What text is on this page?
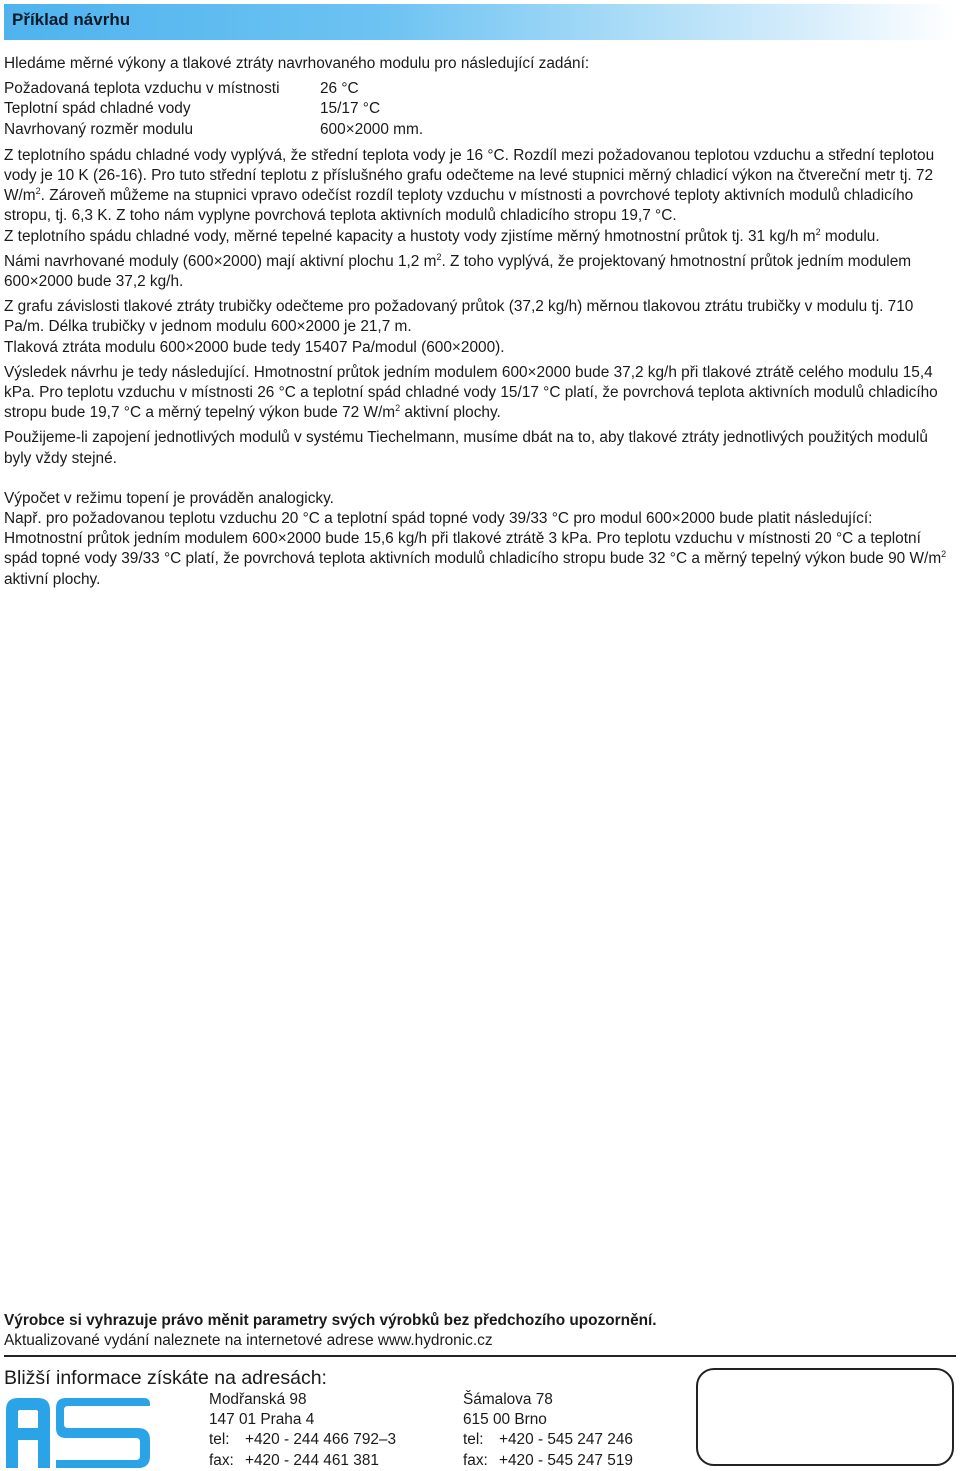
Příklad návrhu

Hledáme měrné výkony a tlakové ztráty navrhovaného modulu pro následující zadání:

Požadovaná teplota vzduchu v místnosti	26 °C
Teplotní spád chladné vody	15/17 °C
Navrhovaný rozměr modulu	600×2000 mm.

Z teplotního spádu chladné vody vyplývá, že střední teplota vody je 16 °C. Rozdíl mezi požadovanou teplotou vzduchu a střední teplotou vody je 10 K (26-16). Pro tuto střední teplotu z příslušného grafu odečteme na levé stupnici měrný chladicí výkon na čtvereční metr tj. 72 $W/m^2$. Zároveň můžeme na stupnici vpravo odečíst rozdíl teploty vzduchu v místnosti a povrchové teploty aktivních modulů chladicího stropu, tj. 6,3 K. Z toho nám vyplyne povrchová teplota aktivních modulů chladicího stropu 19,7 °C.

Z teplotního spádu chladné vody, měrné tepelné kapacity a hustoty vody zjistíme měrný hmotnostní průtok tj. 31 kg/h $m^2$ modulu.

Námi navrhované moduly (600×2000) mají aktivní plochu 1,2 $m^2$. Z toho vyplývá, že projektovaný hmotnostní průtok jedním modulem 600×2000 bude 37,2 kg/h.

Z grafu závislosti tlakové ztráty trubičky odečteme pro požadovaný průtok (37,2 kg/h) měrnou tlakovou ztrátu trubičky v modulu tj. 710 Pa/m. Délka trubičky v jednom modulu 600×2000 je 21,7 m.

Tlaková ztráta modulu 600×2000 bude tedy 15407 Pa/modul (600×2000).

Výsledek návrhu je tedy následující. Hmotnostní průtok jedním modulem 600×2000 bude 37,2 kg/h při tlakové ztrátě celého modulu 15,4 kPa. Pro teplotu vzduchu v místnosti 26 °C a teplotní spád chladné vody 15/17 °C platí, že povrchová teplota aktivních modulů chladicího stropu bude 19,7 °C a měrný tepelný výkon bude 72 $W/m^2$ aktivní plochy.

Použijeme-li zapojení jednotlivých modulů v systému Tiechelmann, musíme dbát na to, aby tlakové ztráty jednotlivých použitých modulů byly vždy stejné.

Výpočet v režimu topení je prováděn analogicky.

Např. pro požadovanou teplotu vzduchu 20 °C a teplotní spád topné vody 39/33 °C pro modul 600×2000 bude platit následující:

Hmotnostní průtok jedním modulem 600×2000 bude 15,6 kg/h při tlakové ztrátě 3 kPa. Pro teplotu vzduchu v místnosti 20 °C a teplotní spád topné vody 39/33 °C platí, že povrchová teplota aktivních modulů chladicího stropu bude 32 °C a měrný tepelný výkon bude 90 $W/m^2$ aktivní plochy.

Výrobce si vyhrazuje právo měnit parametry svých výrobků bez předchozího upozornění.
Aktualizované vydání naleznete na internetové adrese www.hydronic.cz
Bližší informace získáte na adresách:
YSTEMS
IR	®
Modřanská 98
147 01 Praha 4
tel: +420 - 244 466 792–3
fax: +420 - 244 461 381
Šámalova 78
615 00 Brno
tel: +420 - 545 247 246
fax: +420 - 545 247 519
